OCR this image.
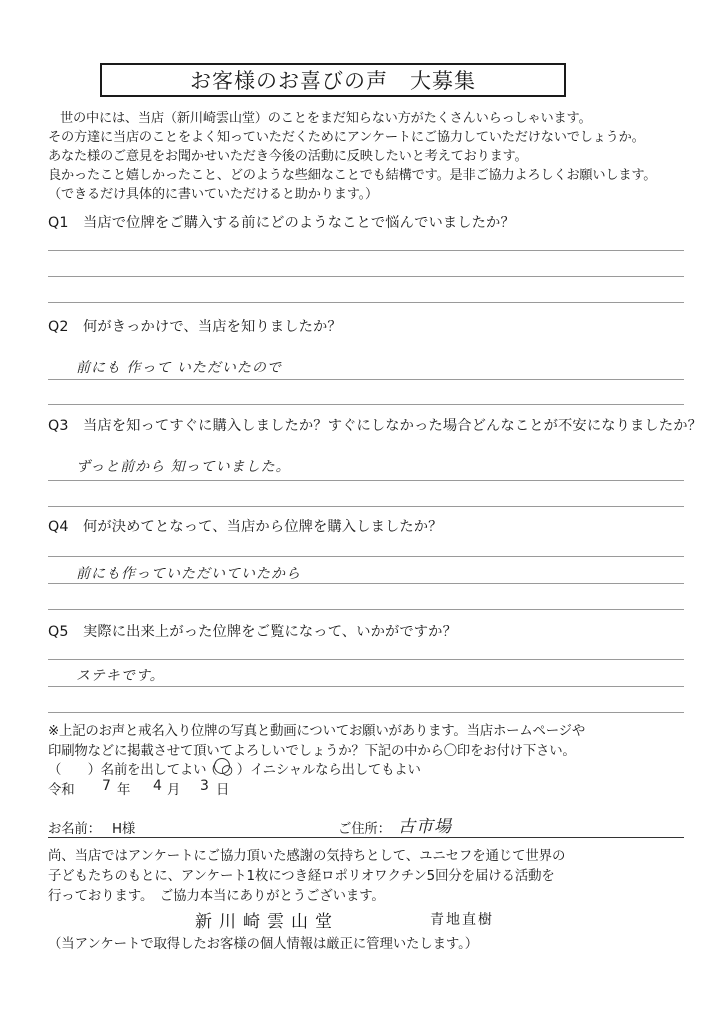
お客様のお喜びの声　大募集
世の中には、当店（新川崎雲山堂）のことをまだ知らない方がたくさんいらっしゃいます。
その方達に当店のことをよく知っていただくためにアンケートにご協力していただけないでしょうか。
あなた様のご意見をお聞かせいただき今後の活動に反映したいと考えております。
良かったこと嬉しかったこと、どのような些細なことでも結構です。是非ご協力よろしくお願いします。
（できるだけ具体的に書いていただけると助かります。）
Q1　当店で位牌をご購入する前にどのようなことで悩んでいましたか？
Q2　何がきっかけで、当店を知りましたか？
前にも 作って いただいたので
Q3　当店を知ってすぐに購入しましたか？すぐにしなかった場合どんなことが不安になりましたか？
ずっと前から 知っていました。
Q4　何が決めてとなって、当店から位牌を購入しましたか？
前にも作っていただいていたから
Q5　実際に出来上がった位牌をご覧になって、いかがですか？
ステキです。
※上記のお声と戒名入り位牌の写真と動画についてお願いがあります。当店ホームページや
印刷物などに掲載させて頂いてよろしいでしょうか？下記の中から〇印をお付け下さい。
（　　）名前を出してよい
（ ○ ）イニシャルなら出してもよい
令和 7 年 4 月 3 日
お名前： H様	ご住所： 古市場
尚、当店ではアンケートにご協力頂いた感謝の気持ちとして、ユニセフを通じて世界の
子どもたちのもとに、アンケート1枚につき経ロポリオワクチン5回分を届ける活動を
行っております。　ご協力本当にありがとうございます。
新川崎雲山堂	青地直樹
（当アンケートで取得したお客様の個人情報は厳正に管理いたします。）
